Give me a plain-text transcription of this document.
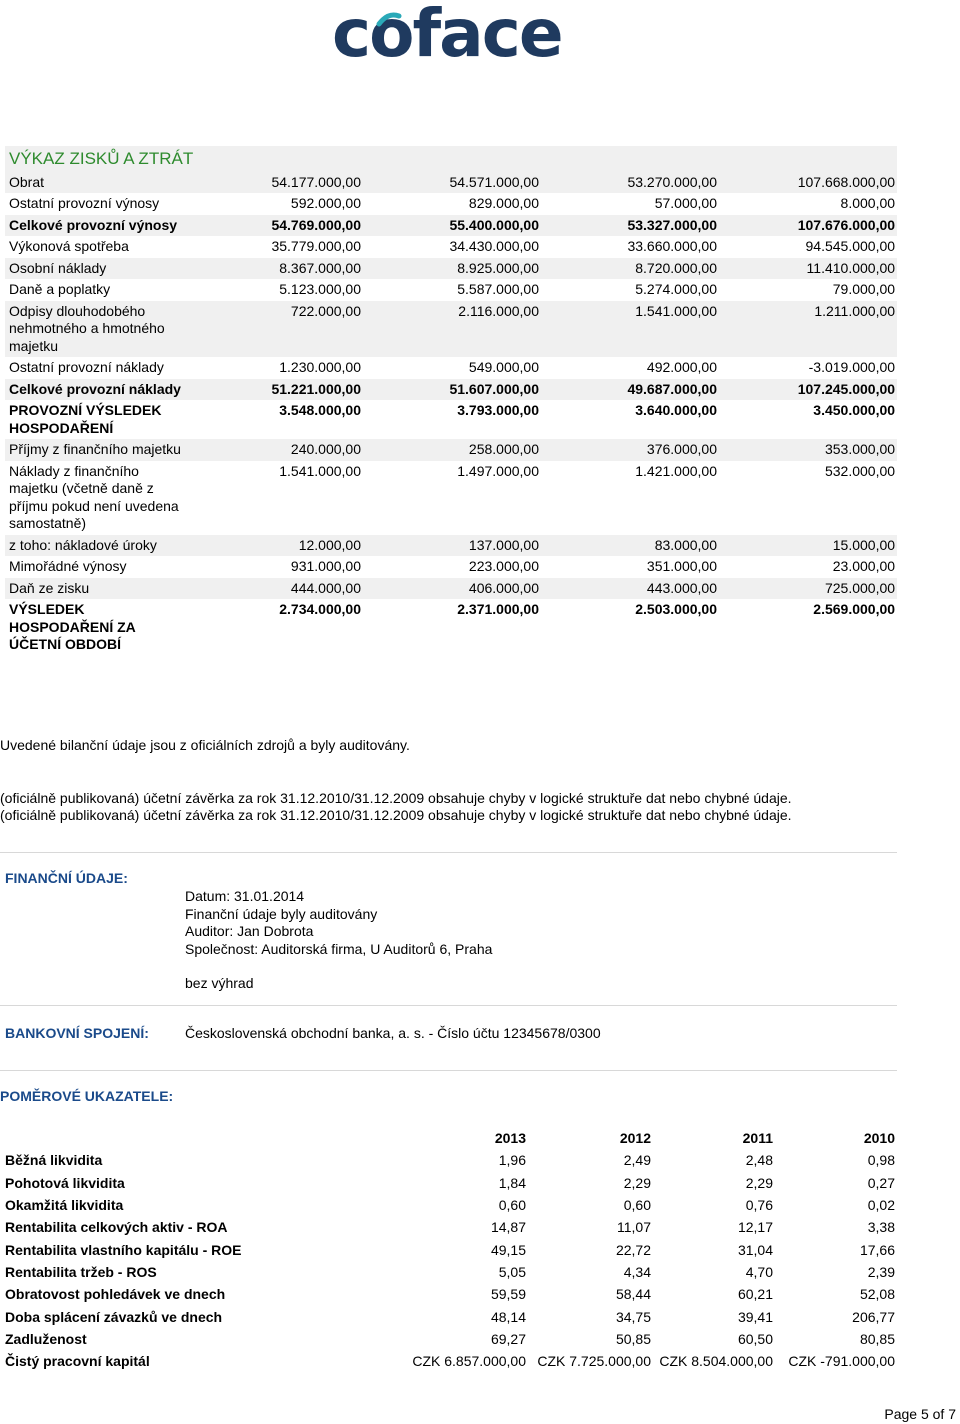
coface
VÝKAZ ZISKŮ A ZTRÁT				
Obrat	54.177.000,00	54.571.000,00	53.270.000,00	107.668.000,00
Ostatní provozní výnosy	592.000,00	829.000,00	57.000,00	8.000,00
Celkové provozní výnosy	54.769.000,00	55.400.000,00	53.327.000,00	107.676.000,00
Výkonová spotřeba	35.779.000,00	34.430.000,00	33.660.000,00	94.545.000,00
Osobní náklady	8.367.000,00	8.925.000,00	8.720.000,00	11.410.000,00
Daně a poplatky	5.123.000,00	5.587.000,00	5.274.000,00	79.000,00
Odpisy dlouhodobého nehmotného a hmotného majetku	722.000,00	2.116.000,00	1.541.000,00	1.211.000,00
Ostatní provozní náklady	1.230.000,00	549.000,00	492.000,00	-3.019.000,00
Celkové provozní náklady	51.221.000,00	51.607.000,00	49.687.000,00	107.245.000,00
PROVOZNÍ VÝSLEDEK HOSPODAŘENÍ	3.548.000,00	3.793.000,00	3.640.000,00	3.450.000,00
Příjmy z finančního majetku	240.000,00	258.000,00	376.000,00	353.000,00
Náklady z finančního majetku (včetně daně z příjmu pokud není uvedena samostatně)	1.541.000,00	1.497.000,00	1.421.000,00	532.000,00
z toho: nákladové úroky	12.000,00	137.000,00	83.000,00	15.000,00
Mimořádné výnosy	931.000,00	223.000,00	351.000,00	23.000,00
Daň ze zisku	444.000,00	406.000,00	443.000,00	725.000,00
VÝSLEDEK HOSPODAŘENÍ ZA ÚČETNÍ OBDOBÍ	2.734.000,00	2.371.000,00	2.503.000,00	2.569.000,00
Uvedené bilanční údaje jsou z oficiálních zdrojů a byly auditovány.
(oficiálně publikovaná) účetní závěrka za rok 31.12.2010/31.12.2009 obsahuje chyby v logické struktuře dat nebo chybné údaje.
(oficiálně publikovaná) účetní závěrka za rok 31.12.2010/31.12.2009 obsahuje chyby v logické struktuře dat nebo chybné údaje.
FINANČNÍ ÚDAJE:
Datum: 31.01.2014
Finanční údaje byly auditovány
Auditor: Jan Dobrota
Společnost: Auditorská firma, U Auditorů 6, Praha
bez výhrad
BANKOVNÍ SPOJENÍ:	Československá obchodní banka, a. s. - Číslo účtu 12345678/0300
POMĚROVÉ UKAZATELE:
	2013	2012	2011	2010
Běžná likvidita	1,96	2,49	2,48	0,98
Pohotová likvidita	1,84	2,29	2,29	0,27
Okamžitá likvidita	0,60	0,60	0,76	0,02
Rentabilita celkových aktiv - ROA	14,87	11,07	12,17	3,38
Rentabilita vlastního kapitálu - ROE	49,15	22,72	31,04	17,66
Rentabilita tržeb - ROS	5,05	4,34	4,70	2,39
Obratovost pohledávek ve dnech	59,59	58,44	60,21	52,08
Doba splácení závazků ve dnech	48,14	34,75	39,41	206,77
Zadluženost	69,27	50,85	60,50	80,85
Čistý pracovní kapitál	CZK 6.857.000,00	CZK 7.725.000,00	CZK 8.504.000,00	CZK -791.000,00
Page 5 of 7
